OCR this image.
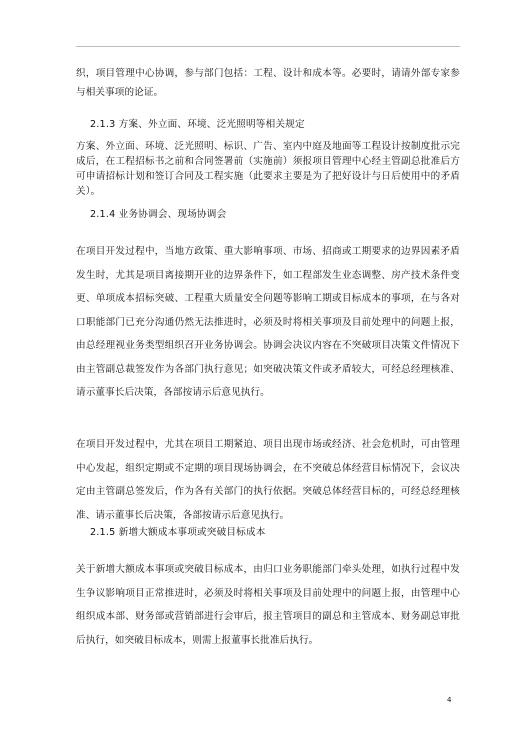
织，项目管理中心协调，参与部门包括：工程、设计和成本等。必要时，请请外部专家参与相关事项的论证。

2.1.3 方案、外立面、环境、泛光照明等相关规定

方案、外立面、环境、泛光照明、标识、广告、室内中庭及地面等工程设计按制度批示完成后，在工程招标书之前和合同签署前（实施前）须报项目管理中心经主管副总批准后方可申请招标计划和签订合同及工程实施（此要求主要是为了把好设计与日后使用中的矛盾关）。

2.1.4 业务协调会、现场协调会

在项目开发过程中，当地方政策、重大影响事项、市场、招商或工期要求的边界因素矛盾发生时，尤其是项目离接期开业的边界条件下，如工程部发生业态调整、房产技术条件变更、单项成本招标突破、工程重大质量安全问题等影响工期或目标成本的事项，在与各对口职能部门已充分沟通仍然无法推进时，必须及时将相关事项及目前处理中的问题上报，由总经理视业务类型组织召开业务协调会。协调会决议内容在不突破项目决策文件情况下由主管副总裁签发作为各部门执行意见；如突破决策文件或矛盾较大，可经总经理核准、请示董事长后决策，各部按请示后意见执行。

在项目开发过程中，尤其在项目工期紧迫、项目出现市场或经济、社会危机时，可由管理中心发起，组织定期或不定期的项目现场协调会，在不突破总体经营目标情况下，会议决定由主管副总签发后，作为各有关部门的执行依据。突破总体经营目标的，可经总经理核准、请示董事长后决策，各部按请示后意见执行。

2.1.5 新增大额成本事项或突破目标成本

关于新增大额成本事项或突破目标成本，由归口业务职能部门牵头处理，如执行过程中发生争议影响项目正常推进时，必须及时将相关事项及目前处理中的问题上报，由管理中心组织成本部、财务部或营销部进行会审后，报主管项目的副总和主管成本、财务副总审批后执行，如突破目标成本，则需上报董事长批准后执行。

4
